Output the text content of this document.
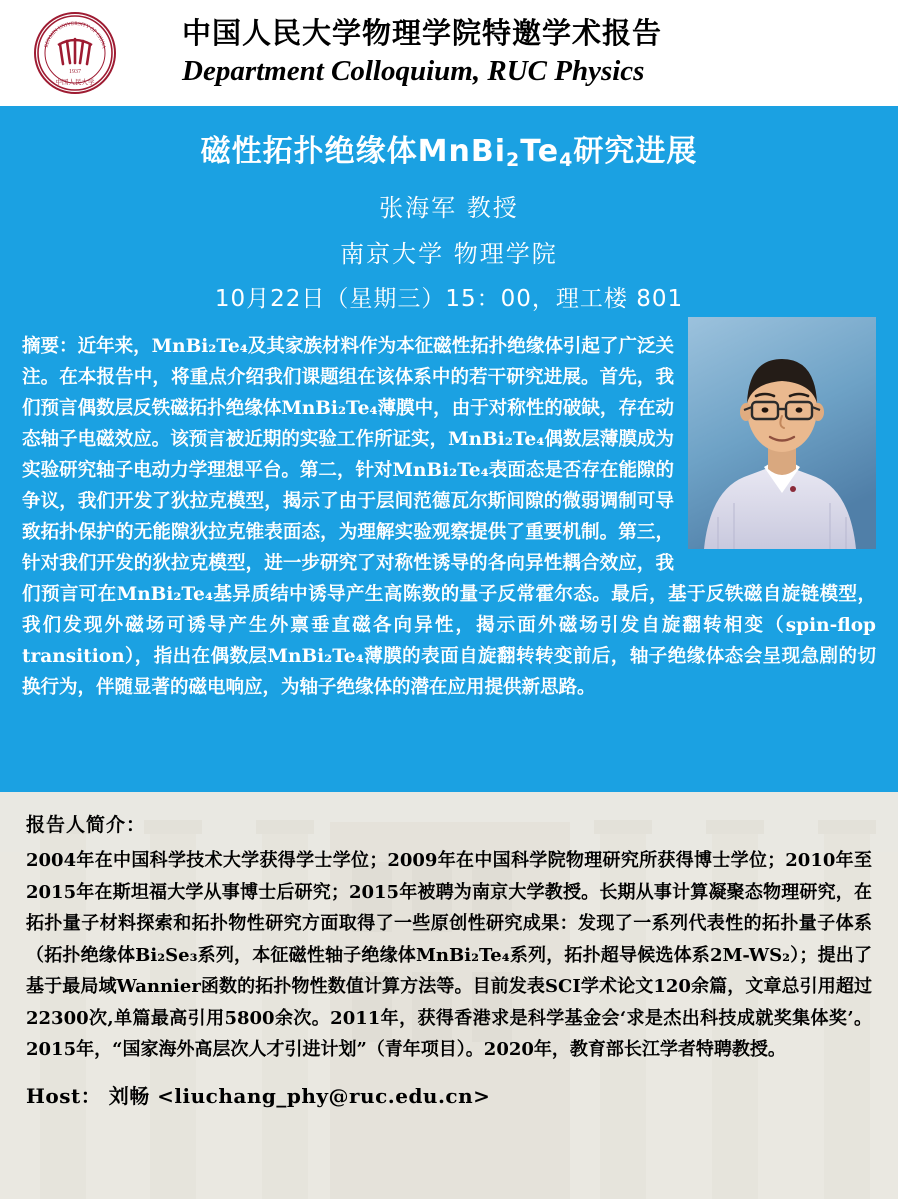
1937
中国人民大学
RENMIN UNIVERSITY OF CHINA	中国人民大学物理学院特邀学术报告
Department Colloquium, RUC Physics
磁性拓扑绝缘体$MnBi_2Te_4$研究进展
张海军 教授
南京大学 物理学院
10月22日（星期三）15：00，理工楼 801
摘要：近年来，MnBi₂Te₄及其家族材料作为本征磁性拓扑绝缘体引起了广泛关注。在本报告中，将重点介绍我们课题组在该体系中的若干研究进展。首先，我们预言偶数层反铁磁拓扑绝缘体MnBi₂Te₄薄膜中，由于对称性的破缺，存在动态轴子电磁效应。该预言被近期的实验工作所证实，MnBi₂Te₄偶数层薄膜成为实验研究轴子电动力学理想平台。第二，针对MnBi₂Te₄表面态是否存在能隙的争议，我们开发了狄拉克模型，揭示了由于层间范德瓦尔斯间隙的微弱调制可导致拓扑保护的无能隙狄拉克锥表面态，为理解实验观察提供了重要机制。第三，针对我们开发的狄拉克模型，进一步研究了对称性诱导的各向异性耦合效应，我们预言可在MnBi₂Te₄基异质结中诱导产生高陈数的量子反常霍尔态。最后，基于反铁磁自旋链模型，我们发现外磁场可诱导产生外禀垂直磁各向异性，揭示面外磁场引发自旋翻转相变（spin-flop transition），指出在偶数层MnBi₂Te₄薄膜的表面自旋翻转转变前后，轴子绝缘体态会呈现急剧的切换行为，伴随显著的磁电响应，为轴子绝缘体的潜在应用提供新思路。
报告人简介：
2004年在中国科学技术大学获得学士学位；2009年在中国科学院物理研究所获得博士学位；2010年至2015年在斯坦福大学从事博士后研究；2015年被聘为南京大学教授。长期从事计算凝聚态物理研究，在拓扑量子材料探索和拓扑物性研究方面取得了一些原创性研究成果：发现了一系列代表性的拓扑量子体系（拓扑绝缘体Bi₂Se₃系列，本征磁性轴子绝缘体MnBi₂Te₄系列，拓扑超导候选体系2M-WS₂）；提出了基于最局域Wannier函数的拓扑物性数值计算方法等。目前发表SCI学术论文120余篇，文章总引用超过22300次,单篇最高引用5800余次。2011年，获得香港求是科学基金会‘求是杰出科技成就奖集体奖’。2015年，“国家海外高层次人才引进计划”（青年项目）。2020年，教育部长江学者特聘教授。
Host： 刘畅 <liuchang_phy@ruc.edu.cn>
